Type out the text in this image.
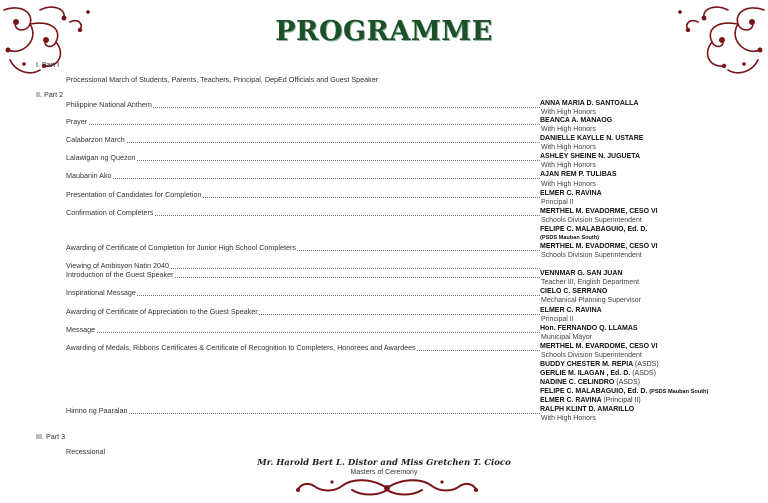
PROGRAMME
I. Part I
Processional March of Students, Parents, Teachers, Principal, DepEd Officials and Guest Speaker
II. Part 2
Philippine National Anthem	ANNA MARIA D. SANTOALLA
With High Honors
Prayer	BEANCA A. MANAOG
With High Honors
Calabarzon March	DANIELLE KAYLLE N. USTARE
With High Honors
Lalawigan ng Quezon	ASHLEY SHEINE N. JUGUETA
With High Honors
Maubanin Ako	AJAN REM P. TULIBAS
With High Honors
Presentation of Candidates for Completion	ELMER C. RAVINA
Principal II
Confirmation of Completers	MERTHEL M. EVADORME, CESO VI
Schools Division Superintendent
FELIPE C. MALABAGUIO, Ed. D.
(PSDS Mauban South)
Awarding of Certificate of Completion for Junior High School Completers	MERTHEL M. EVADORME, CESO VI
Schools Division Superintendent
Viewing of Ambisyon Natin 2040
Introduction of the Guest Speaker	VENNMAR G. SAN JUAN
Teacher III, English Department
Inspirational Message	CIELO C. SERRANO
Mechanical Planning Supervisor
Awarding of Certificate of Appreciation to the Guest Speaker	ELMER C. RAVINA
Principal II
Message	Hon. FERNANDO Q. LLAMAS
Municipal Mayor
Awarding of Medals, Ribbons Certificates & Certificate of Recognition to Completers, Honorees and Awardees	MERTHEL M. EVARDOME, CESO VI
Schools Division Superintendent
BUDDY CHESTER M. REPIA (ASDS)
GERLIE M. ILAGAN , Ed. D. (ASDS)
NADINE C. CELINDRO (ASDS)
FELIPE C. MALABAGUIO, Ed. D. (PSDS Mauban South)
ELMER C. RAVINA (Principal II)
Himno ng Paaralan	RALPH KLINT D. AMARILLO
With High Honors
III. Part 3
Recessional
Mr. Harold Bert L. Distor and Miss Gretchen T. Cioco
Masters of Ceremony
